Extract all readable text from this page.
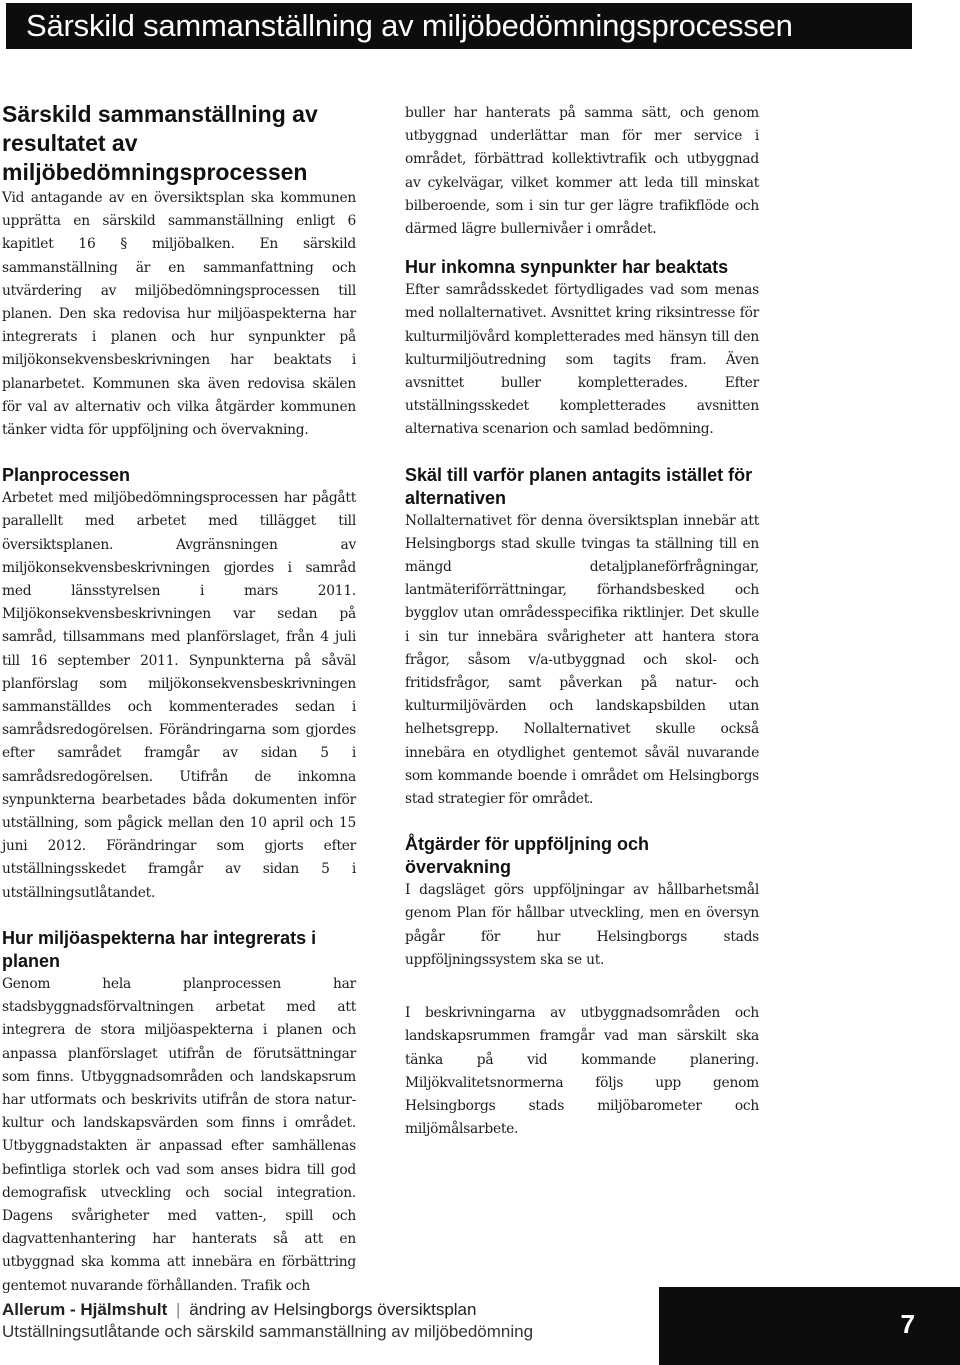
Särskild sammanställning av miljöbedömningsprocessen
Särskild sammanställning av resultatet av miljöbedömningsprocessen

Vid antagande av en översiktsplan ska kommunen upprätta en särskild sammanställning enligt 6 kapitlet 16 § miljöbalken. En särskild sammanställning är en sammanfattning och utvärdering av miljöbedömningsprocessen till planen. Den ska redovisa hur miljöaspekterna har integrerats i planen och hur synpunkter på miljökonsekvensbeskrivningen har beaktats i planarbetet. Kommunen ska även redovisa skälen för val av alternativ och vilka åtgärder kommunen tänker vidta för uppföljning och övervakning.

Planprocessen

Arbetet med miljöbedömningsprocessen har pågått parallellt med arbetet med tillägget till översiktsplanen. Avgränsningen av miljökonsekvensbeskrivningen gjordes i samråd med länsstyrelsen i mars 2011. Miljökonsekvensbeskrivningen var sedan på samråd, tillsammans med planförslaget, från 4 juli till 16 september 2011. Synpunkterna på såväl planförslag som miljökonsekvensbeskrivningen sammanställdes och kommenterades sedan i samrådsredogörelsen. Förändringarna som gjordes efter samrådet framgår av sidan 5 i samrådsredogörelsen. Utifrån de inkomna synpunkterna bearbetades båda dokumenten inför utställning, som pågick mellan den 10 april och 15 juni 2012. Förändringar som gjorts efter utställningsskedet framgår av sidan 5 i utställningsutlåtandet.

Hur miljöaspekterna har integrerats i planen

Genom hela planprocessen har stadsbyggnadsförvaltningen arbetat med att integrera de stora miljöaspekterna i planen och anpassa planförslaget utifrån de förutsättningar som finns. Utbyggnadsområden och landskapsrum har utformats och beskrivits utifrån de stora natur- kultur och landskapsvärden som finns i området. Utbyggnadstakten är anpassad efter samhällenas befintliga storlek och vad som anses bidra till god demografisk utveckling och social integration. Dagens svårigheter med vatten-, spill och dagvattenhantering har hanterats så att en utbyggnad ska komma att innebära en förbättring gentemot nuvarande förhållanden. Trafik och

buller har hanterats på samma sätt, och genom utbyggnad underlättar man för mer service i området, förbättrad kollektivtrafik och utbyggnad av cykelvägar, vilket kommer att leda till minskat bilberoende, som i sin tur ger lägre trafikflöde och därmed lägre bullernivåer i området.

Hur inkomna synpunkter har beaktats

Efter samrådsskedet förtydligades vad som menas med nollalternativet. Avsnittet kring riksintresse för kulturmiljövård kompletterades med hänsyn till den kulturmiljöutredning som tagits fram. Även avsnittet buller kompletterades. Efter utställningsskedet kompletterades avsnitten alternativa scenarion och samlad bedömning.

Skäl till varför planen antagits istället för alternativen

Nollalternativet för denna översiktsplan innebär att Helsingborgs stad skulle tvingas ta ställning till en mängd detaljplaneförfrågningar, lantmäteriförrättningar, förhandsbesked och bygglov utan områdesspecifika riktlinjer. Det skulle i sin tur innebära svårigheter att hantera stora frågor, såsom v/a-utbyggnad och skol- och fritidsfrågor, samt påverkan på natur- och kulturmiljövärden och landskapsbilden utan helhetsgrepp. Nollalternativet skulle också innebära en otydlighet gentemot såväl nuvarande som kommande boende i området om Helsingborgs stad strategier för området.

Åtgärder för uppföljning och övervakning

I dagsläget görs uppföljningar av hållbarhetsmål genom Plan för hållbar utveckling, men en översyn pågår för hur Helsingborgs stads uppföljningssystem ska se ut.

I beskrivningarna av utbyggnadsområden och landskapsrummen framgår vad man särskilt ska tänka på vid kommande planering. Miljökvalitetsnormerna följs upp genom Helsingborgs stads miljöbarometer och miljömålsarbete.

Allerum - Hjälmshult | ändring av Helsingborgs översiktsplan
Utställningsutlåtande och särskild sammanställning av miljöbedömning	7
